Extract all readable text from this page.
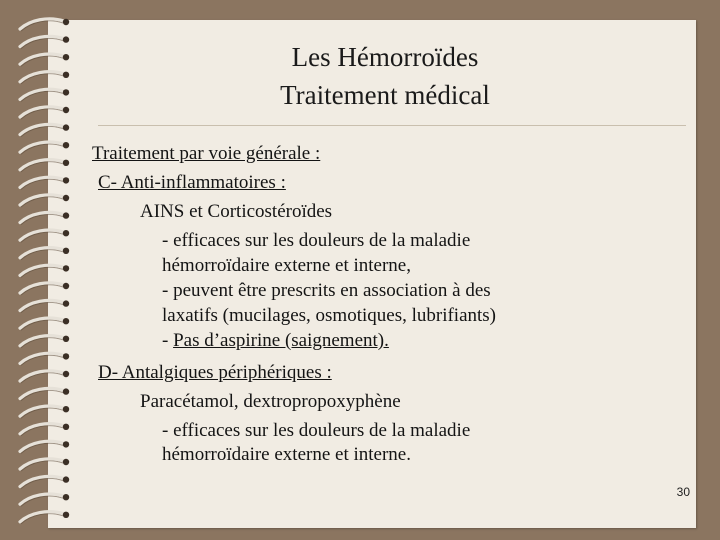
Les Hémorroïdes
Traitement médical
Traitement par voie générale :
C- Anti-inflammatoires :
AINS et Corticostéroïdes
- efficaces sur les douleurs de la maladie
hémorroïdaire externe et interne,
- peuvent être prescrits en association à des
laxatifs (mucilages, osmotiques, lubrifiants)
- Pas d’aspirine (saignement).
D- Antalgiques périphériques :
Paracétamol, dextropropoxyphène
- efficaces sur les douleurs de la maladie
hémorroïdaire externe et interne.
30
